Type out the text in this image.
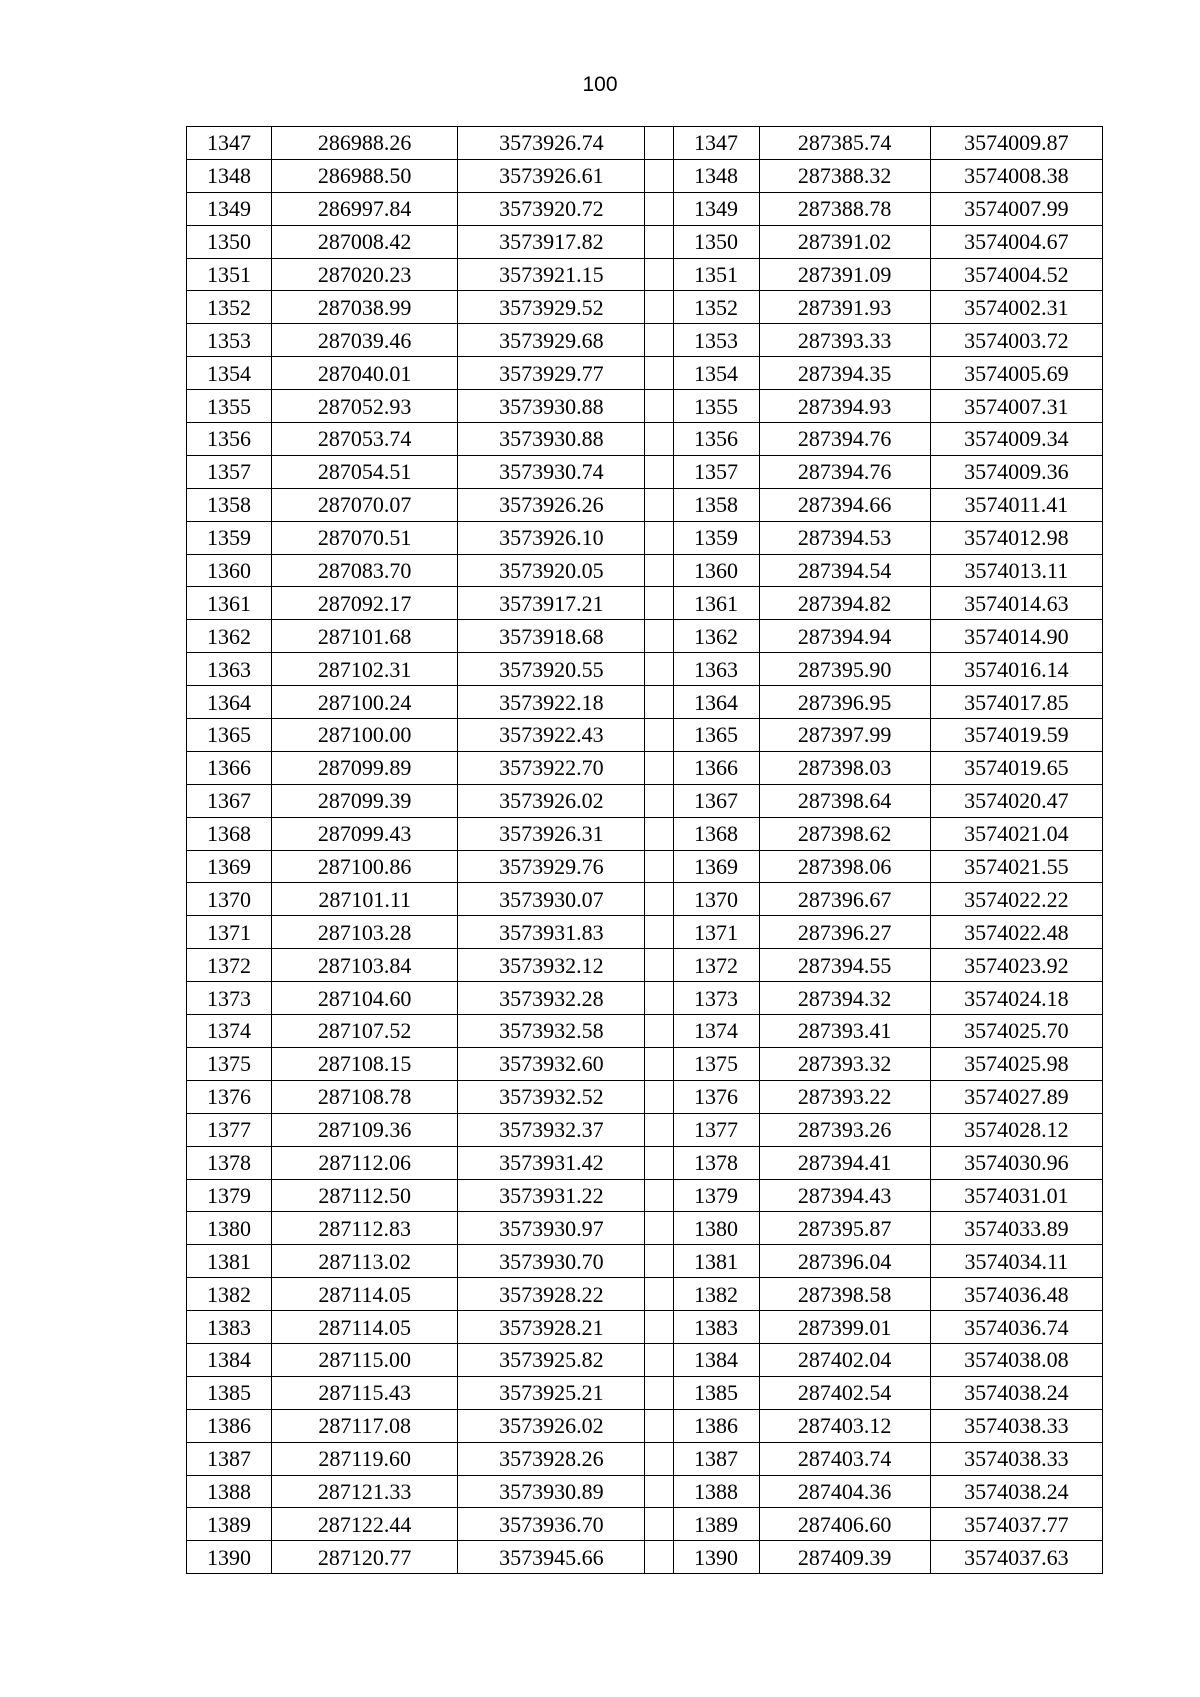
100
1347	286988.26	3573926.74		1347	287385.74	3574009.87
1348	286988.50	3573926.61		1348	287388.32	3574008.38
1349	286997.84	3573920.72		1349	287388.78	3574007.99
1350	287008.42	3573917.82		1350	287391.02	3574004.67
1351	287020.23	3573921.15		1351	287391.09	3574004.52
1352	287038.99	3573929.52		1352	287391.93	3574002.31
1353	287039.46	3573929.68		1353	287393.33	3574003.72
1354	287040.01	3573929.77		1354	287394.35	3574005.69
1355	287052.93	3573930.88		1355	287394.93	3574007.31
1356	287053.74	3573930.88		1356	287394.76	3574009.34
1357	287054.51	3573930.74		1357	287394.76	3574009.36
1358	287070.07	3573926.26		1358	287394.66	3574011.41
1359	287070.51	3573926.10		1359	287394.53	3574012.98
1360	287083.70	3573920.05		1360	287394.54	3574013.11
1361	287092.17	3573917.21		1361	287394.82	3574014.63
1362	287101.68	3573918.68		1362	287394.94	3574014.90
1363	287102.31	3573920.55		1363	287395.90	3574016.14
1364	287100.24	3573922.18		1364	287396.95	3574017.85
1365	287100.00	3573922.43		1365	287397.99	3574019.59
1366	287099.89	3573922.70		1366	287398.03	3574019.65
1367	287099.39	3573926.02		1367	287398.64	3574020.47
1368	287099.43	3573926.31		1368	287398.62	3574021.04
1369	287100.86	3573929.76		1369	287398.06	3574021.55
1370	287101.11	3573930.07		1370	287396.67	3574022.22
1371	287103.28	3573931.83		1371	287396.27	3574022.48
1372	287103.84	3573932.12		1372	287394.55	3574023.92
1373	287104.60	3573932.28		1373	287394.32	3574024.18
1374	287107.52	3573932.58		1374	287393.41	3574025.70
1375	287108.15	3573932.60		1375	287393.32	3574025.98
1376	287108.78	3573932.52		1376	287393.22	3574027.89
1377	287109.36	3573932.37		1377	287393.26	3574028.12
1378	287112.06	3573931.42		1378	287394.41	3574030.96
1379	287112.50	3573931.22		1379	287394.43	3574031.01
1380	287112.83	3573930.97		1380	287395.87	3574033.89
1381	287113.02	3573930.70		1381	287396.04	3574034.11
1382	287114.05	3573928.22		1382	287398.58	3574036.48
1383	287114.05	3573928.21		1383	287399.01	3574036.74
1384	287115.00	3573925.82		1384	287402.04	3574038.08
1385	287115.43	3573925.21		1385	287402.54	3574038.24
1386	287117.08	3573926.02		1386	287403.12	3574038.33
1387	287119.60	3573928.26		1387	287403.74	3574038.33
1388	287121.33	3573930.89		1388	287404.36	3574038.24
1389	287122.44	3573936.70		1389	287406.60	3574037.77
1390	287120.77	3573945.66		1390	287409.39	3574037.63
